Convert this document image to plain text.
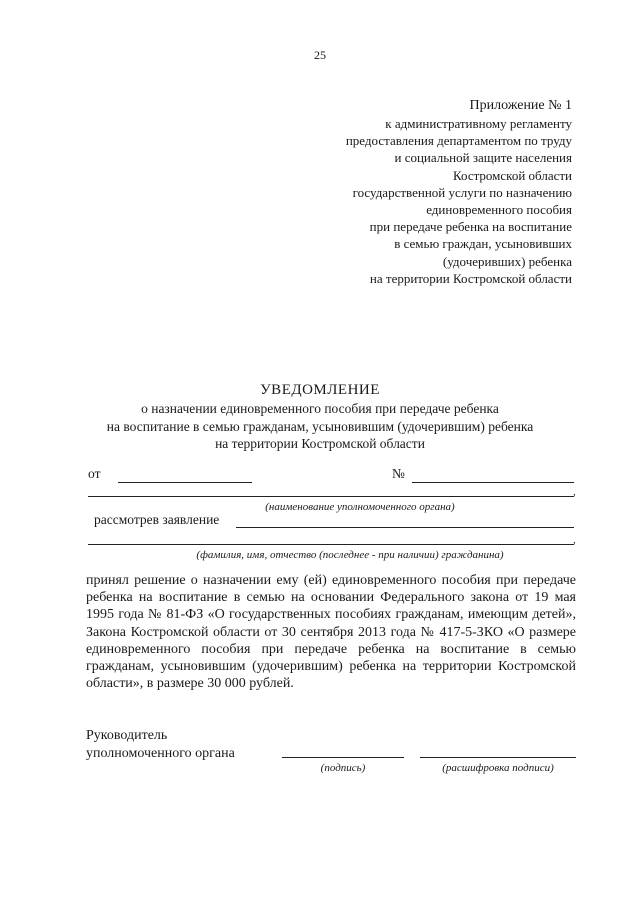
25
Приложение № 1
к административному регламенту
предоставления департаментом по труду
и социальной защите населения
Костромской области
государственной услуги по назначению
единовременного пособия
при передаче ребенка на воспитание
в семью граждан, усыновивших
(удочеривших) ребенка
на территории Костромской области
УВЕДОМЛЕНИЕ
о назначении единовременного пособия при передаче ребенка
на воспитание в семью гражданам, усыновившим (удочерившим) ребенка
на территории Костромской области
от	№
,
(наименование уполномоченного органа)
рассмотрев заявление
,
(фамилия, имя, отчество (последнее - при наличии) гражданина)
принял решение о назначении ему (ей) единовременного пособия при передаче ребенка на воспитание в семью на основании Федерального закона от 19 мая 1995 года № 81-ФЗ «О государственных пособиях гражданам, имеющим детей», Закона Костромской области от 30 сентября 2013 года № 417-5-ЗКО «О размере единовременного пособия при передаче ребенка на воспитание в семью гражданам, усыновившим (удочерившим) ребенка на территории Костромской области», в размере 30 000 рублей.
Руководитель
уполномоченного органа
(подпись)	(расшифровка подписи)
